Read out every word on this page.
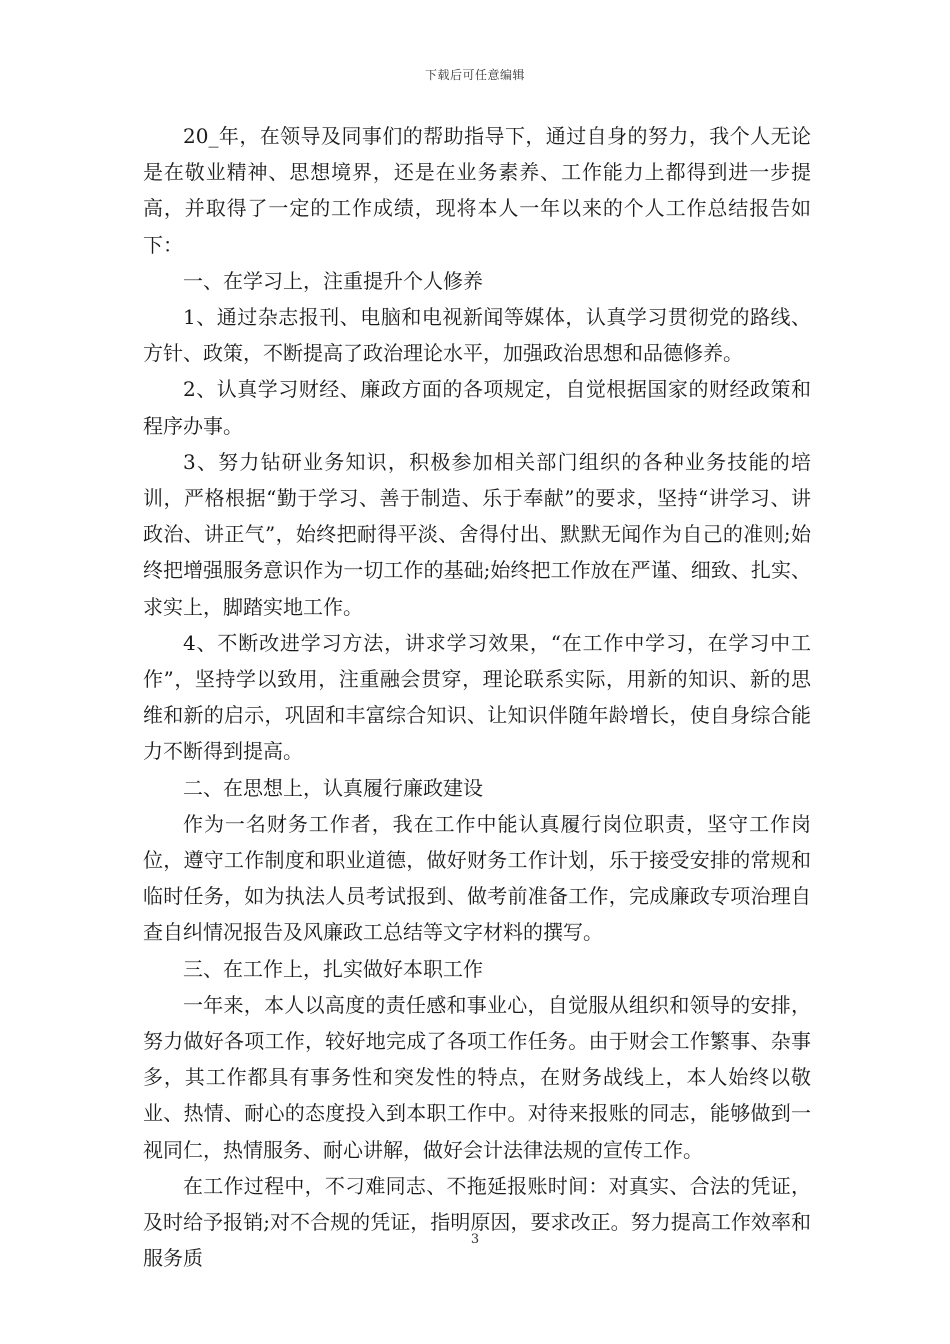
下载后可任意编辑

20_年，在领导及同事们的帮助指导下，通过自身的努力，我个人无论是在敬业精神、思想境界，还是在业务素养、工作能力上都得到进一步提高，并取得了一定的工作成绩，现将本人一年以来的个人工作总结报告如下：

一、在学习上，注重提升个人修养

1、通过杂志报刊、电脑和电视新闻等媒体，认真学习贯彻党的路线、方针、政策，不断提高了政治理论水平，加强政治思想和品德修养。

2、认真学习财经、廉政方面的各项规定，自觉根据国家的财经政策和程序办事。

3、努力钻研业务知识，积极参加相关部门组织的各种业务技能的培训，严格根据“勤于学习、善于制造、乐于奉献”的要求，坚持“讲学习、讲政治、讲正气”，始终把耐得平淡、舍得付出、默默无闻作为自己的准则;始终把增强服务意识作为一切工作的基础;始终把工作放在严谨、细致、扎实、求实上，脚踏实地工作。

4、不断改进学习方法，讲求学习效果，“在工作中学习，在学习中工作”，坚持学以致用，注重融会贯穿，理论联系实际，用新的知识、新的思维和新的启示，巩固和丰富综合知识、让知识伴随年龄增长，使自身综合能力不断得到提高。

二、在思想上，认真履行廉政建设

作为一名财务工作者，我在工作中能认真履行岗位职责，坚守工作岗位，遵守工作制度和职业道德，做好财务工作计划，乐于接受安排的常规和临时任务，如为执法人员考试报到、做考前准备工作，完成廉政专项治理自查自纠情况报告及风廉政工总结等文字材料的撰写。

三、在工作上，扎实做好本职工作

一年来，本人以高度的责任感和事业心，自觉服从组织和领导的安排，努力做好各项工作，较好地完成了各项工作任务。由于财会工作繁事、杂事多，其工作都具有事务性和突发性的特点，在财务战线上，本人始终以敬业、热情、耐心的态度投入到本职工作中。对待来报账的同志，能够做到一视同仁，热情服务、耐心讲解，做好会计法律法规的宣传工作。

在工作过程中，不刁难同志、不拖延报账时间：对真实、合法的凭证，及时给予报销;对不合规的凭证，指明原因，要求改正。努力提高工作效率和服务质

3
